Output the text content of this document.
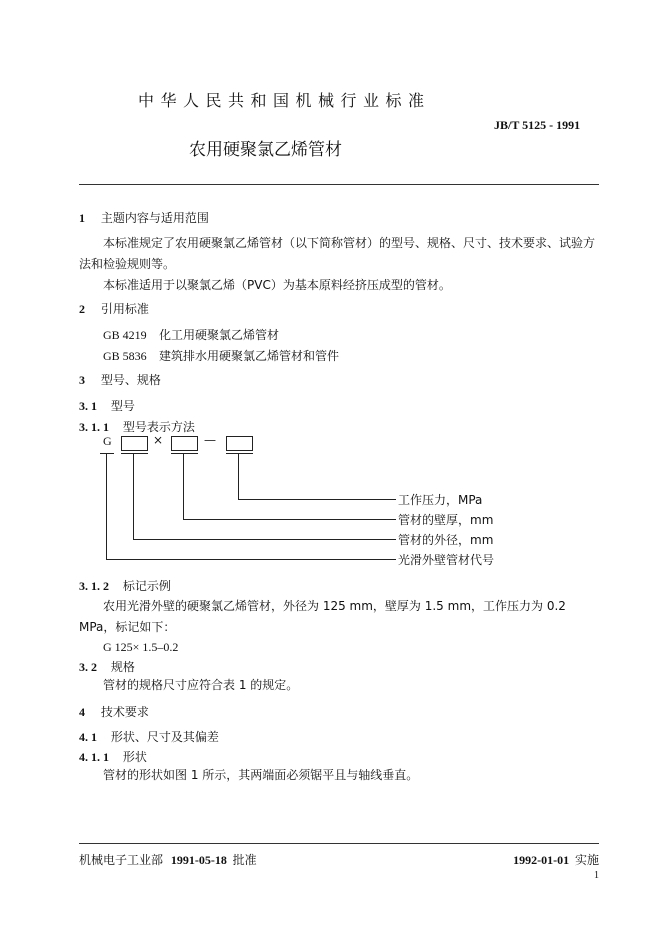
中华人民共和国机械行业标准
JB/T 5125 - 1991
农用硬聚氯乙烯管材
1 主题内容与适用范围
本标准规定了农用硬聚氯乙烯管材（以下简称管材）的型号、规格、尺寸、技术要求、试验方法和检验规则等。
本标准适用于以聚氯乙烯（PVC）为基本原料经挤压成型的管材。
2 引用标准
GB 4219 化工用硬聚氯乙烯管材
GB 5836 建筑排水用硬聚氯乙烯管材和管件
3 型号、规格
3. 1 型号
3. 1. 1 型号表示方法
G	×	—
工作压力，MPa
管材的壁厚，mm
管材的外径，mm
光滑外壁管材代号
3. 1. 2 标记示例
农用光滑外壁的硬聚氯乙烯管材，外径为 125 mm，壁厚为 1.5 mm，工作压力为 0.2 MPa，标记如下：
G 125× 1.5–0.2
3. 2 规格
管材的规格尺寸应符合表 1 的规定。
4 技术要求
4. 1 形状、尺寸及其偏差
4. 1. 1 形状
管材的形状如图 1 所示，其两端面必须锯平且与轴线垂直。
机械电子工业部 1991-05-18 批准	1992-01-01 实施
1
